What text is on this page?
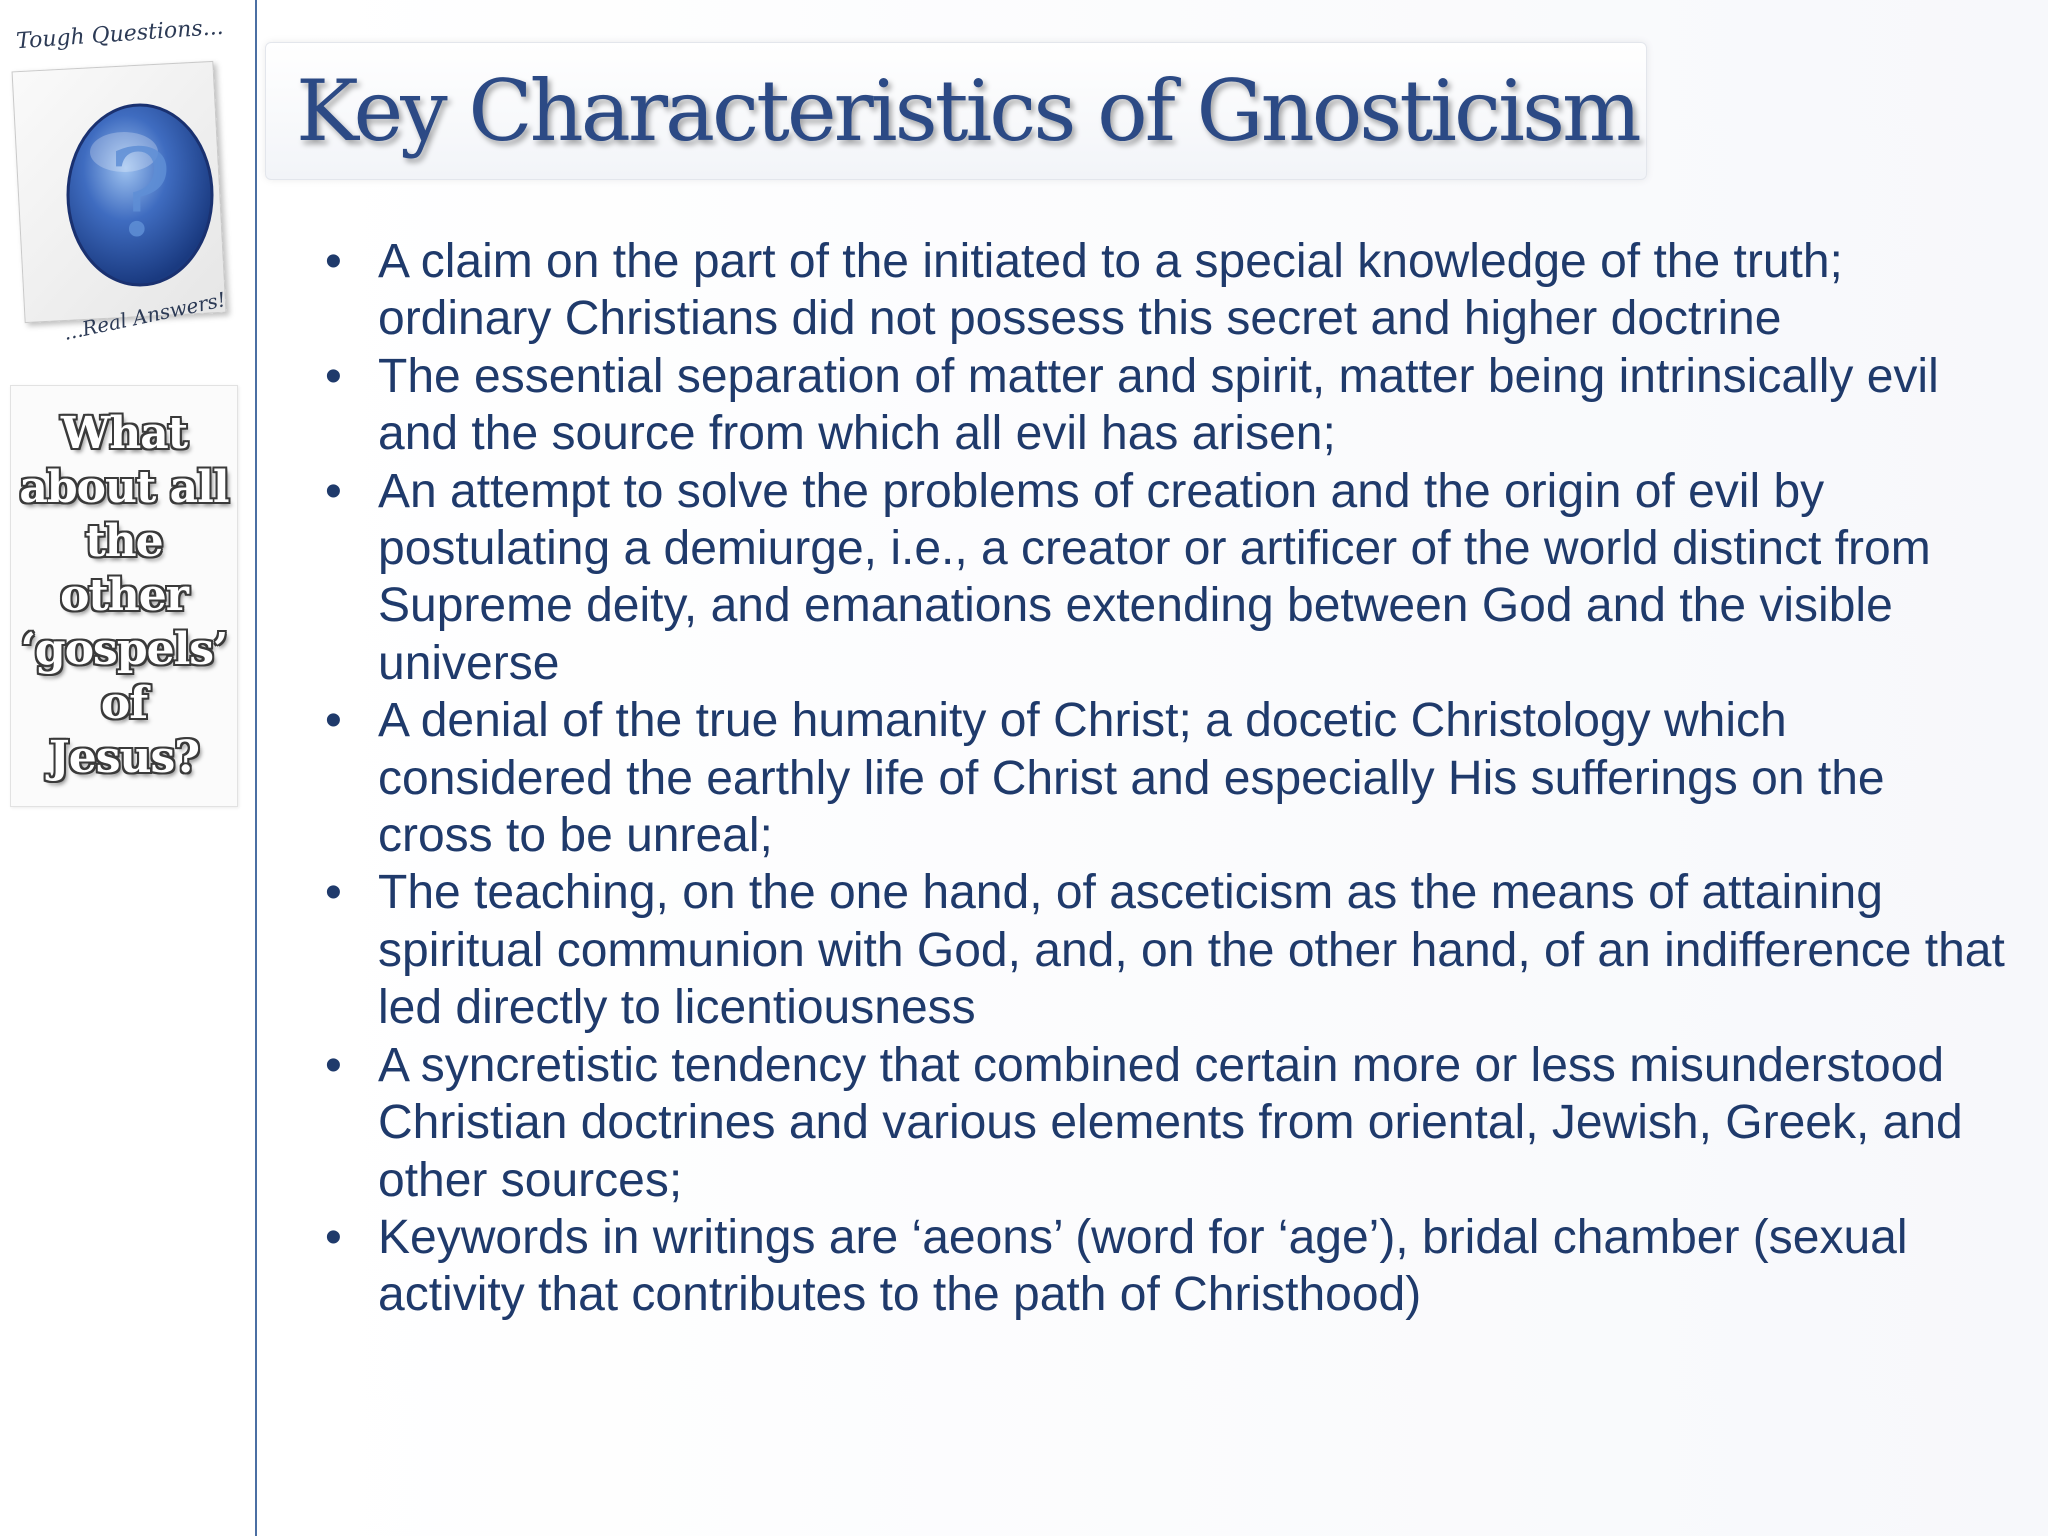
Tough Questions...
?
...Real Answers!
What
about all
the
other
‘gospels’
of
Jesus?
Key Characteristics of Gnosticism
• A claim on the part of the initiated to a special knowledge of the truth; ordinary Christians did not possess this secret and higher doctrine
• The essential separation of matter and spirit, matter being intrinsically evil and the source from which all evil has arisen;
• An attempt to solve the problems of creation and the origin of evil by postulating a demiurge, i.e., a creator or artificer of the world distinct from Supreme deity, and emanations extending between God and the visible universe
• A denial of the true humanity of Christ; a docetic Christology which considered the earthly life of Christ and especially His sufferings on the cross to be unreal;
• The teaching, on the one hand, of asceticism as the means of attaining spiritual communion with God, and, on the other hand, of an indifference that led directly to licentiousness
• A syncretistic tendency that combined certain more or less misunderstood Christian doctrines and various elements from oriental, Jewish, Greek, and other sources;
• Keywords in writings are ‘aeons’ (word for ‘age’), bridal chamber (sexual activity that contributes to the path of Christhood)
